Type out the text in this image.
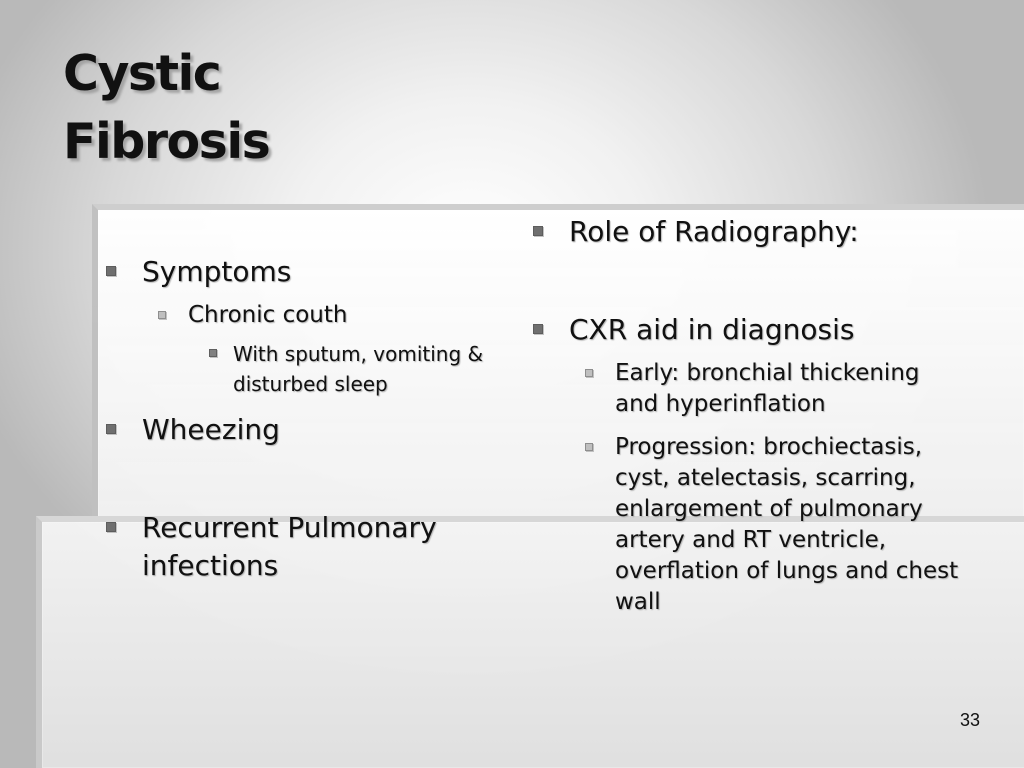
Cystic
Fibrosis
Symptoms
Chronic couth
With sputum, vomiting & disturbed sleep
Wheezing
Recurrent Pulmonary infections
Role of Radiography:
CXR aid in diagnosis
Early: bronchial thickening and hyperinflation
Progression: brochiectasis, cyst, atelectasis, scarring, enlargement of pulmonary artery and RT ventricle, overflation of lungs and chest wall
33
